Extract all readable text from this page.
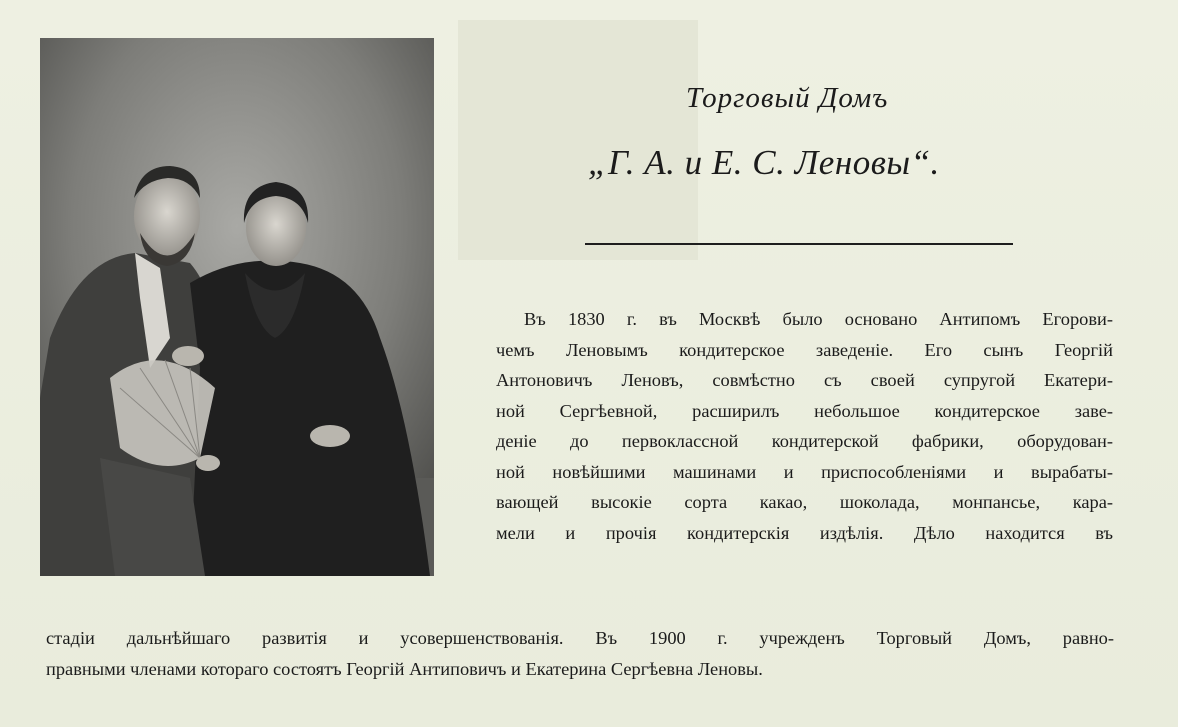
Торговый Домъ
„Г. А. и Е. С. Леновы“.
Въ 1830 г. въ Москвѣ было основано Антипомъ Егорови-
чемъ Леновымъ кондитерское заведеніе. Его сынъ Георгій
Антоновичъ Леновъ, совмѣстно съ своей супругой Екатери-
ной Сергѣевной, расширилъ небольшое кондитерское заве-
деніе до первоклассной кондитерской фабрики, оборудован-
ной новѣйшими машинами и приспособленіями и вырабаты-
вающей высокіе сорта какао, шоколада, монпансье, кара-
мели и прочія кондитерскія издѣлія. Дѣло находится въ
стадіи дальнѣйшаго развитія и усовершенствованія. Въ 1900 г. учрежденъ Торговый Домъ, равно-
правными членами котораго состоятъ Георгій Антиповичъ и Екатерина Сергѣевна Леновы.
